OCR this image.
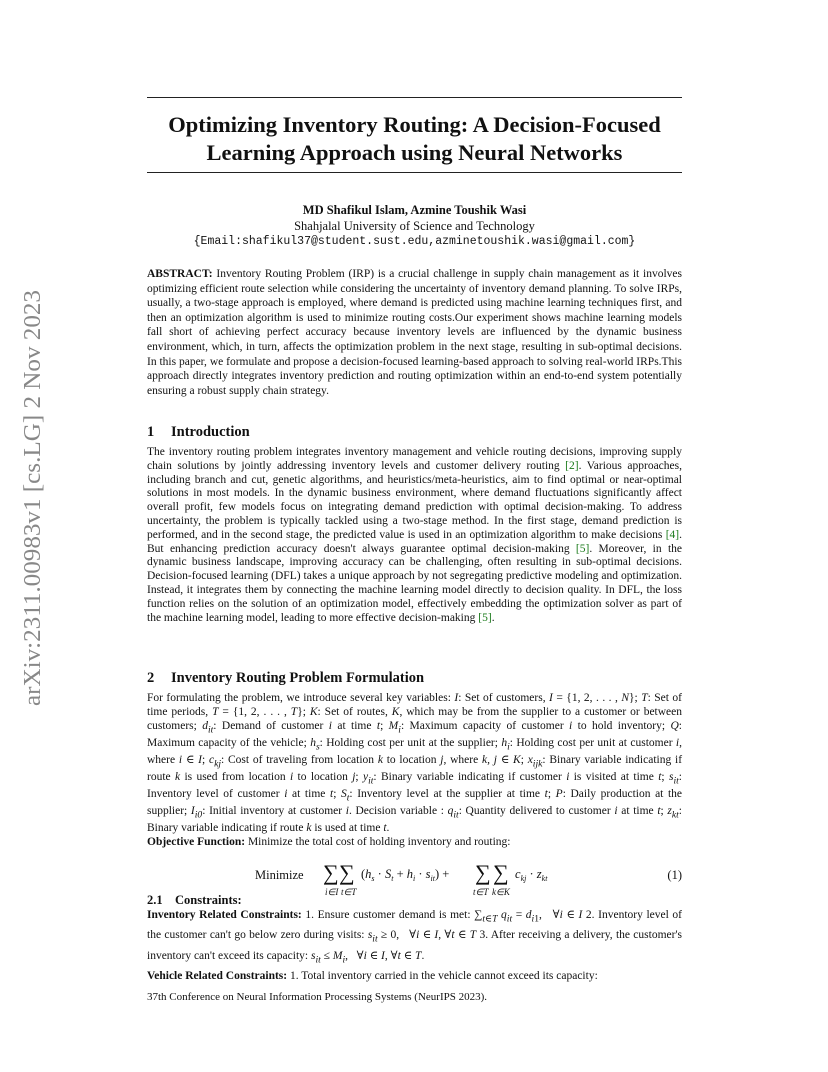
arXiv:2311.00983v1 [cs.LG] 2 Nov 2023
Optimizing Inventory Routing: A Decision-Focused
Learning Approach using Neural Networks
MD Shafikul Islam, Azmine Toushik Wasi
Shahjalal University of Science and Technology
{Email:shafikul37@student.sust.edu,azminetoushik.wasi@gmail.com}
ABSTRACT: Inventory Routing Problem (IRP) is a crucial challenge in supply chain management as it involves optimizing efficient route selection while considering the uncertainty of inventory demand planning. To solve IRPs, usually, a two-stage approach is employed, where demand is predicted using machine learning techniques first, and then an optimization algorithm is used to minimize routing costs.Our experiment shows machine learning models fall short of achieving perfect accuracy because inventory levels are influenced by the dynamic business environment, which, in turn, affects the optimization problem in the next stage, resulting in sub-optimal decisions. In this paper, we formulate and propose a decision-focused learning-based approach to solving real-world IRPs.This approach directly integrates inventory prediction and routing optimization within an end-to-end system potentially ensuring a robust supply chain strategy.
1 Introduction
The inventory routing problem integrates inventory management and vehicle routing decisions, improving supply chain solutions by jointly addressing inventory levels and customer delivery routing [2]. Various approaches, including branch and cut, genetic algorithms, and heuristics/meta-heuristics, aim to find optimal or near-optimal solutions in most models. In the dynamic business environment, where demand fluctuations significantly affect overall profit, few models focus on integrating demand prediction with optimal decision-making. To address uncertainty, the problem is typically tackled using a two-stage method. In the first stage, demand prediction is performed, and in the second stage, the predicted value is used in an optimization algorithm to make decisions [4]. But enhancing prediction accuracy doesn't always guarantee optimal decision-making [5]. Moreover, in the dynamic business landscape, improving accuracy can be challenging, often resulting in sub-optimal decisions. Decision-focused learning (DFL) takes a unique approach by not segregating predictive modeling and optimization. Instead, it integrates them by connecting the machine learning model directly to decision quality. In DFL, the loss function relies on the solution of an optimization model, effectively embedding the optimization solver as part of the machine learning model, leading to more effective decision-making [5].
2 Inventory Routing Problem Formulation
For formulating the problem, we introduce several key variables: I: Set of customers, I = {1, 2, . . . , N}; T: Set of time periods, T = {1, 2, . . . , T}; K: Set of routes, K, which may be from the supplier to a customer or between customers; $d_{it}$: Demand of customer i at time t; $M_i$: Maximum capacity of customer i to hold inventory; Q: Maximum capacity of the vehicle; $h_s$: Holding cost per unit at the supplier; $h_i$: Holding cost per unit at customer i, where i ∈ I; $c_{kj}$: Cost of traveling from location k to location j, where k, j ∈ K; $x_{ijk}$: Binary variable indicating if route k is used from location i to location j; $y_{it}$: Binary variable indicating if customer i is visited at time t; $s_{it}$: Inventory level of customer i at time t; $S_t$: Inventory level at the supplier at time t; P: Daily production at the supplier; $I_{i0}$: Initial inventory at customer i. Decision variable : $q_{it}$: Quantity delivered to customer i at time t; $z_{kt}$: Binary variable indicating if route k is used at time t.
Objective Function: Minimize the total cost of holding inventory and routing:
Minimize ∑ ∑
i∈I t∈T
$(h_s \cdot S_t + h_i \cdot s_{it})$ + ∑ ∑
t∈T k∈K
$c_{kj} \cdot z_{kt}$	(1)
2.1 Constraints:
Inventory Related Constraints: 1. Ensure customer demand is met: $\sum_{t\in T}$ $q_{it} = d_{i1}$,   ∀i ∈ I 2. Inventory level of the customer can't go below zero during visits: $s_{it} \ge 0$,   ∀i ∈ I, ∀t ∈ T 3. After receiving a delivery, the customer's inventory can't exceed its capacity: $s_{it} \le M_i$,   ∀i ∈ I, ∀t ∈ T.
Vehicle Related Constraints: 1. Total inventory carried in the vehicle cannot exceed its capacity:
37th Conference on Neural Information Processing Systems (NeurIPS 2023).
